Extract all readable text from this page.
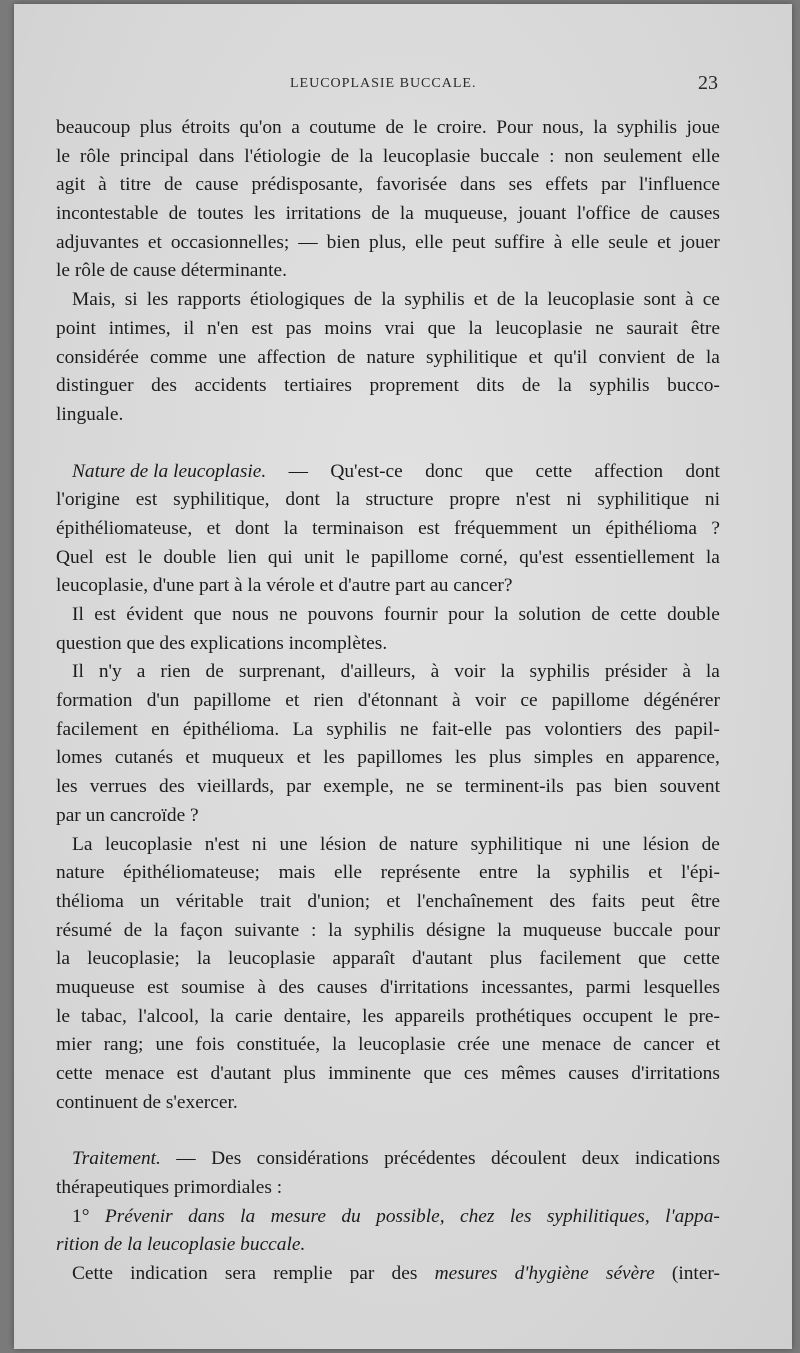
LEUCOPLASIE BUCCALE.	23
beaucoup plus étroits qu'on a coutume de le croire. Pour nous, la syphilis joue
le rôle principal dans l'étiologie de la leucoplasie buccale : non seulement elle
agit à titre de cause prédisposante, favorisée dans ses effets par l'influence
incontestable de toutes les irritations de la muqueuse, jouant l'office de causes
adjuvantes et occasionnelles; — bien plus, elle peut suffire à elle seule et jouer
le rôle de cause déterminante.
Mais, si les rapports étiologiques de la syphilis et de la leucoplasie sont à ce
point intimes, il n'en est pas moins vrai que la leucoplasie ne saurait être
considérée comme une affection de nature syphilitique et qu'il convient de la
distinguer des accidents tertiaires proprement dits de la syphilis bucco-
linguale.
Nature de la leucoplasie. — Qu'est-ce donc que cette affection dont
l'origine est syphilitique, dont la structure propre n'est ni syphilitique ni
épithéliomateuse, et dont la terminaison est fréquemment un épithélioma ?
Quel est le double lien qui unit le papillome corné, qu'est essentiellement la
leucoplasie, d'une part à la vérole et d'autre part au cancer?
Il est évident que nous ne pouvons fournir pour la solution de cette double
question que des explications incomplètes.
Il n'y a rien de surprenant, d'ailleurs, à voir la syphilis présider à la
formation d'un papillome et rien d'étonnant à voir ce papillome dégénérer
facilement en épithélioma. La syphilis ne fait-elle pas volontiers des papil-
lomes cutanés et muqueux et les papillomes les plus simples en apparence,
les verrues des vieillards, par exemple, ne se terminent-ils pas bien souvent
par un cancroïde ?
La leucoplasie n'est ni une lésion de nature syphilitique ni une lésion de
nature épithéliomateuse; mais elle représente entre la syphilis et l'épi-
thélioma un véritable trait d'union; et l'enchaînement des faits peut être
résumé de la façon suivante : la syphilis désigne la muqueuse buccale pour
la leucoplasie; la leucoplasie apparaît d'autant plus facilement que cette
muqueuse est soumise à des causes d'irritations incessantes, parmi lesquelles
le tabac, l'alcool, la carie dentaire, les appareils prothétiques occupent le pre-
mier rang; une fois constituée, la leucoplasie crée une menace de cancer et
cette menace est d'autant plus imminente que ces mêmes causes d'irritations
continuent de s'exercer.
Traitement. — Des considérations précédentes découlent deux indications
thérapeutiques primordiales :
1° Prévenir dans la mesure du possible, chez les syphilitiques, l'appa-
rition de la leucoplasie buccale.
Cette indication sera remplie par des mesures d'hygiène sévère (inter-
